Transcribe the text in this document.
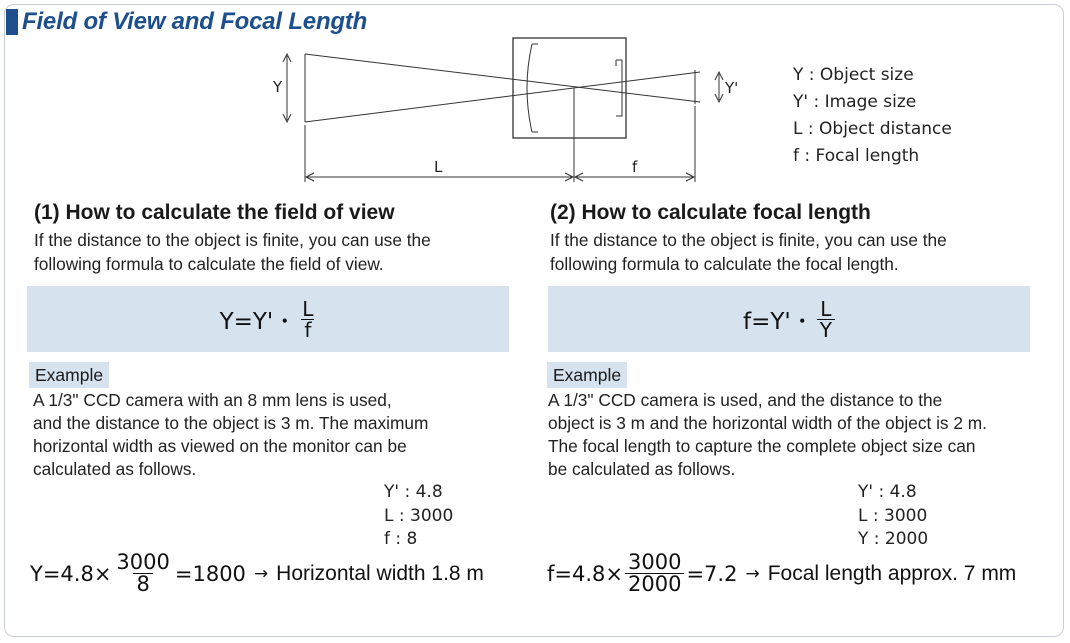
Field of View and Focal Length
Y	Y'
L	f
Y : Object size
Y' : Image size
L : Object distance
f : Focal length
(1) How to calculate the field of view
If the distance to the object is finite, you can use the
following formula to calculate the field of view.
Y=Y'・ $\frac{L}{f}$
Example
A 1/3" CCD camera with an 8 mm lens is used,
and the distance to the object is 3 m. The maximum
horizontal width as viewed on the monitor can be
calculated as follows.
Y' : 4.8
L : 3000
f : 8
$Y=4.8\times \frac{3000}{8} =1800$ → Horizontal width 1.8 m
(2) How to calculate focal length
If the distance to the object is finite, you can use the
following formula to calculate the focal length.
f=Y'・ $\frac{L}{Y}$
Example
A 1/3" CCD camera is used, and the distance to the
object is 3 m and the horizontal width of the object is 2 m.
The focal length to capture the complete object size can
be calculated as follows.
Y' : 4.8
L : 3000
Y : 2000
$f=4.8\times \frac{3000}{2000} =7.2$ → Focal length approx. 7 mm
